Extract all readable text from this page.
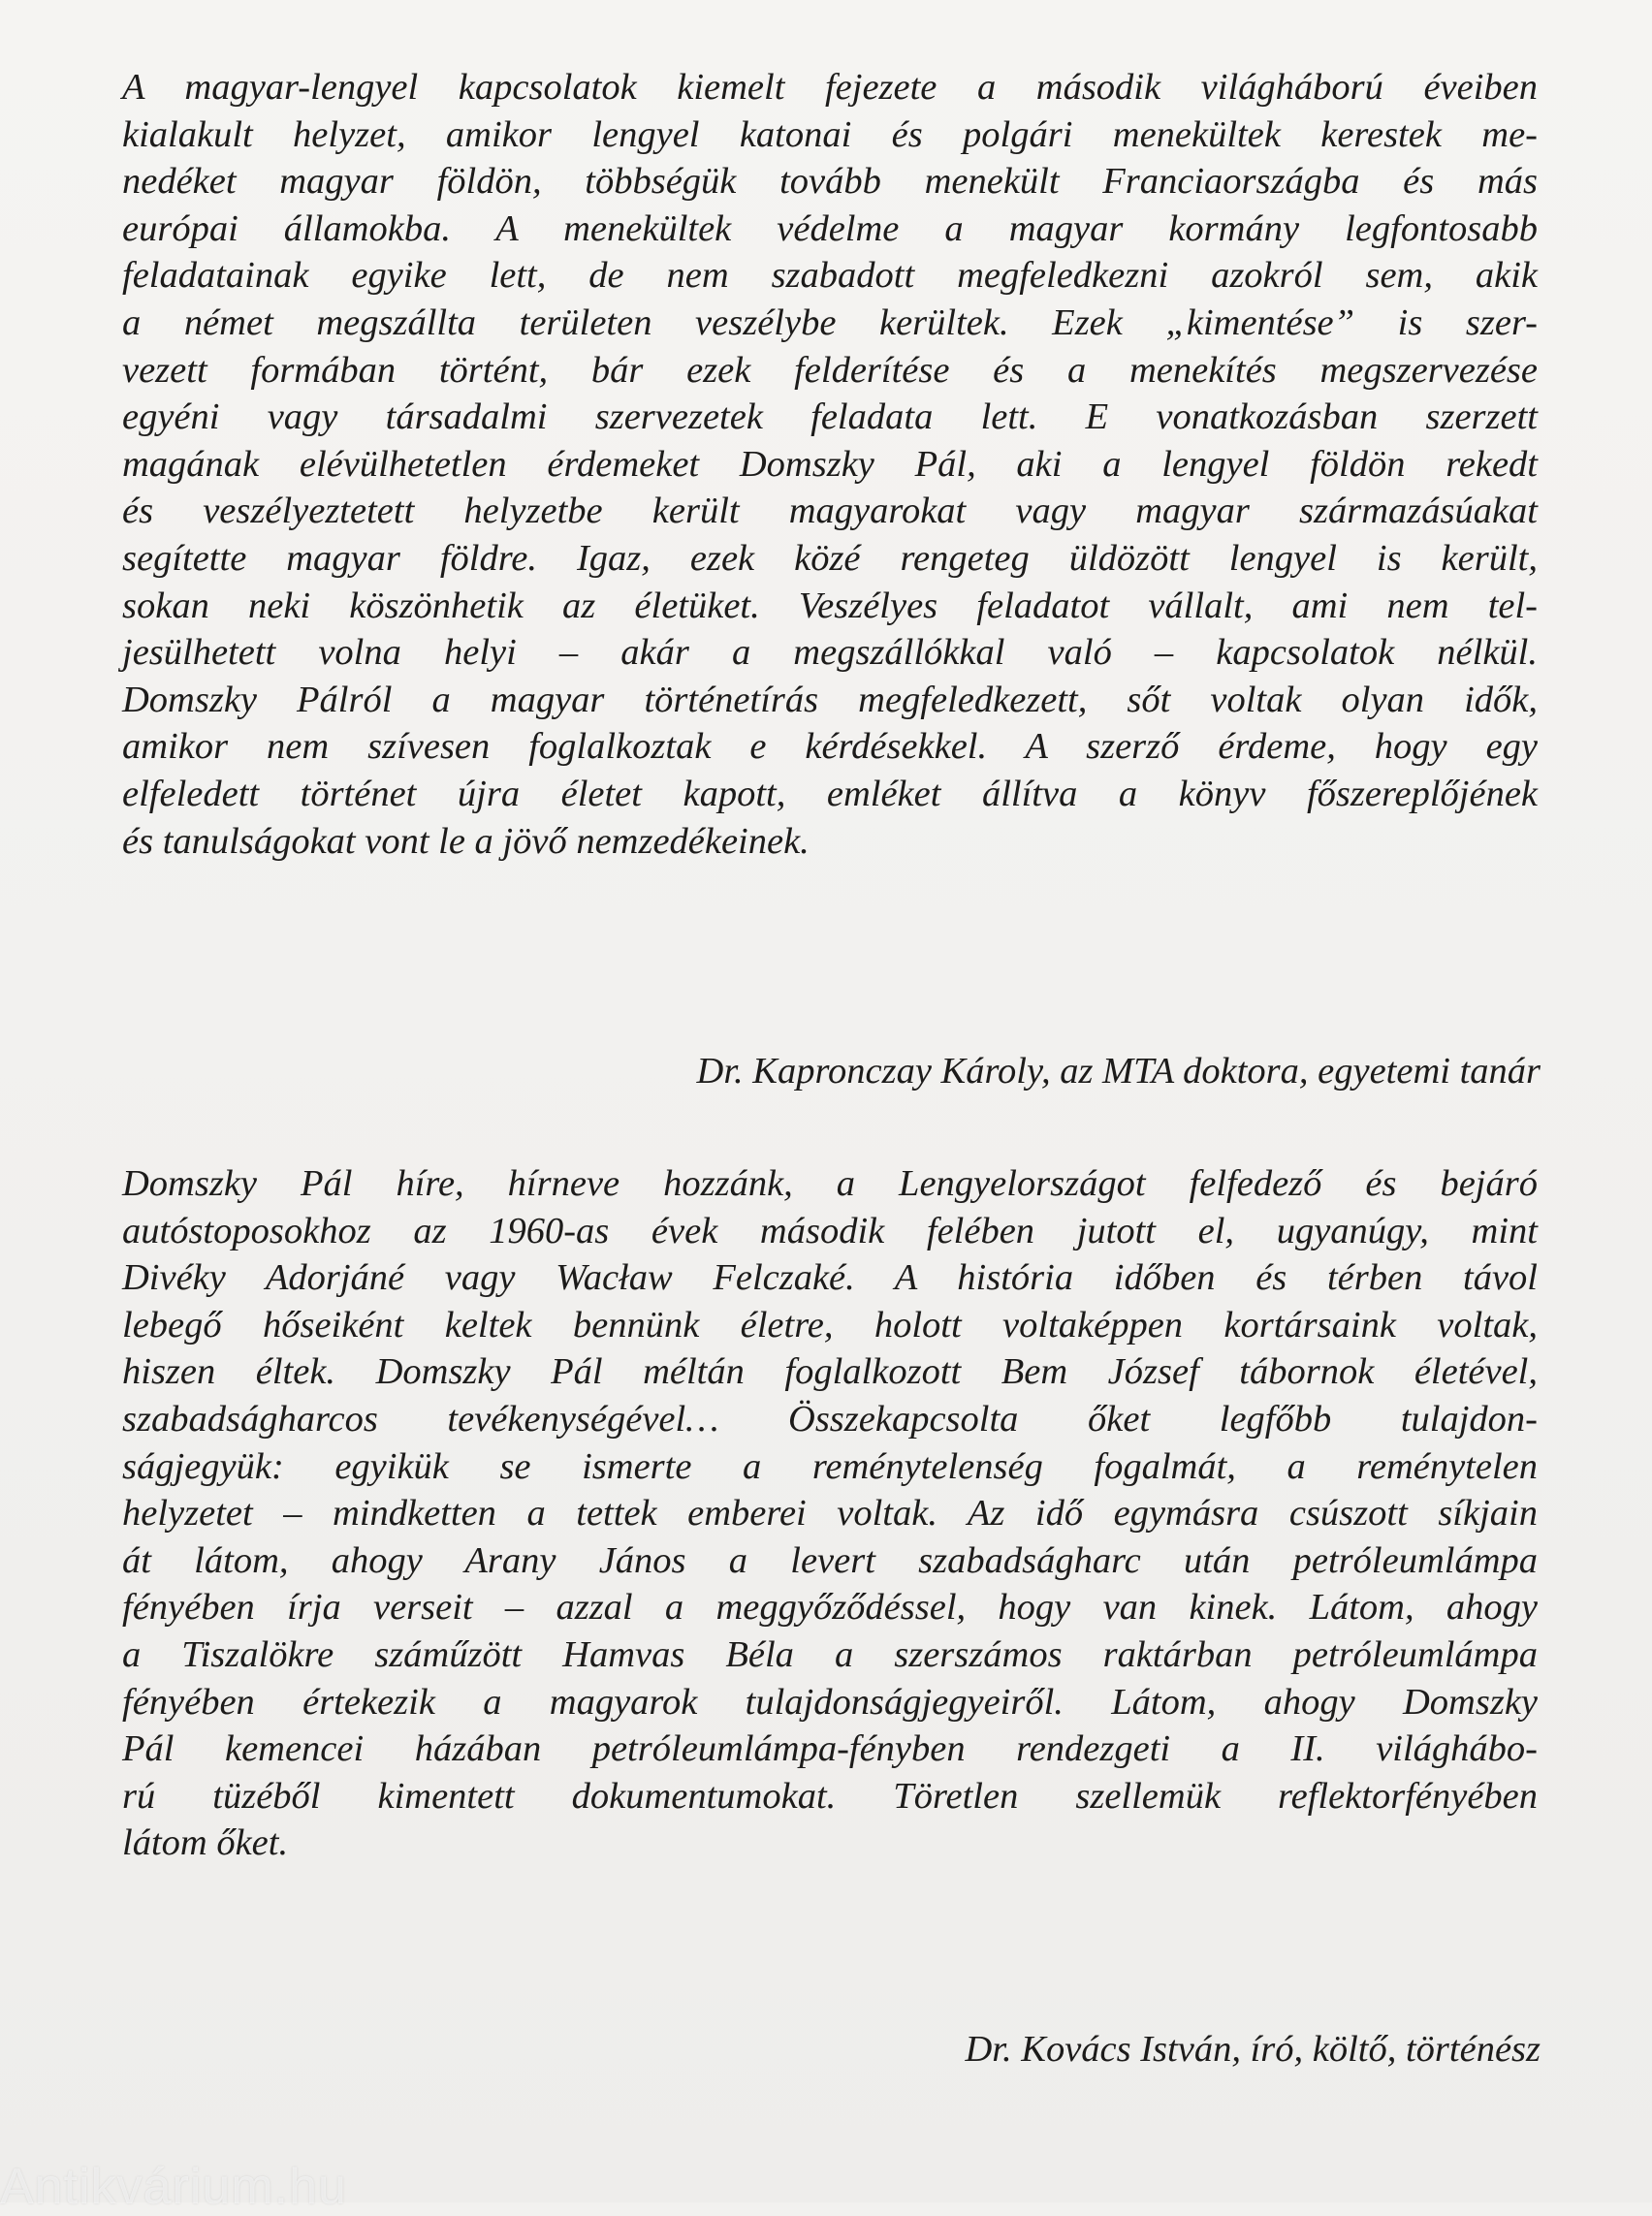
A magyar-lengyel kapcsolatok kiemelt fejezete a második világháború éveiben
kialakult helyzet, amikor lengyel katonai és polgári menekültek kerestek me-
nedéket magyar földön, többségük tovább menekült Franciaországba és más
európai államokba. A menekültek védelme a magyar kormány legfontosabb
feladatainak egyike lett, de nem szabadott megfeledkezni azokról sem, akik
a német megszállta területen veszélybe kerültek. Ezek „kimentése” is szer-
vezett formában történt, bár ezek felderítése és a menekítés megszervezése
egyéni vagy társadalmi szervezetek feladata lett. E vonatkozásban szerzett
magának elévülhetetlen érdemeket Domszky Pál, aki a lengyel földön rekedt
és veszélyeztetett helyzetbe került magyarokat vagy magyar származásúakat
segítette magyar földre. Igaz, ezek közé rengeteg üldözött lengyel is került,
sokan neki köszönhetik az életüket. Veszélyes feladatot vállalt, ami nem tel-
jesülhetett volna helyi – akár a megszállókkal való – kapcsolatok nélkül.
Domszky Pálról a magyar történetírás megfeledkezett, sőt voltak olyan idők,
amikor nem szívesen foglalkoztak e kérdésekkel. A szerző érdeme, hogy egy
elfeledett történet újra életet kapott, emléket állítva a könyv főszereplőjének
és tanulságokat vont le a jövő nemzedékeinek.
Dr. Kapronczay Károly, az MTA doktora, egyetemi tanár
Domszky Pál híre, hírneve hozzánk, a Lengyelországot felfedező és bejáró
autóstoposokhoz az 1960-as évek második felében jutott el, ugyanúgy, mint
Divéky Adorjáné vagy Wacław Felczaké. A história időben és térben távol
lebegő hőseiként keltek bennünk életre, holott voltaképpen kortársaink voltak,
hiszen éltek. Domszky Pál méltán foglalkozott Bem József tábornok életével,
szabadságharcos tevékenységével… Összekapcsolta őket legfőbb tulajdon-
ságjegyük: egyikük se ismerte a reménytelenség fogalmát, a reménytelen
helyzetet – mindketten a tettek emberei voltak. Az idő egymásra csúszott síkjain
át látom, ahogy Arany János a levert szabadságharc után petróleumlámpa
fényében írja verseit – azzal a meggyőződéssel, hogy van kinek. Látom, ahogy
a Tiszalökre száműzött Hamvas Béla a szerszámos raktárban petróleumlámpa
fényében értekezik a magyarok tulajdonságjegyeiről. Látom, ahogy Domszky
Pál kemencei házában petróleumlámpa-fényben rendezgeti a II. világhábo-
rú tüzéből kimentett dokumentumokat. Töretlen szellemük reflektorfényében
látom őket.
Dr. Kovács István, író, költő, történész
Antikvárium.hu
